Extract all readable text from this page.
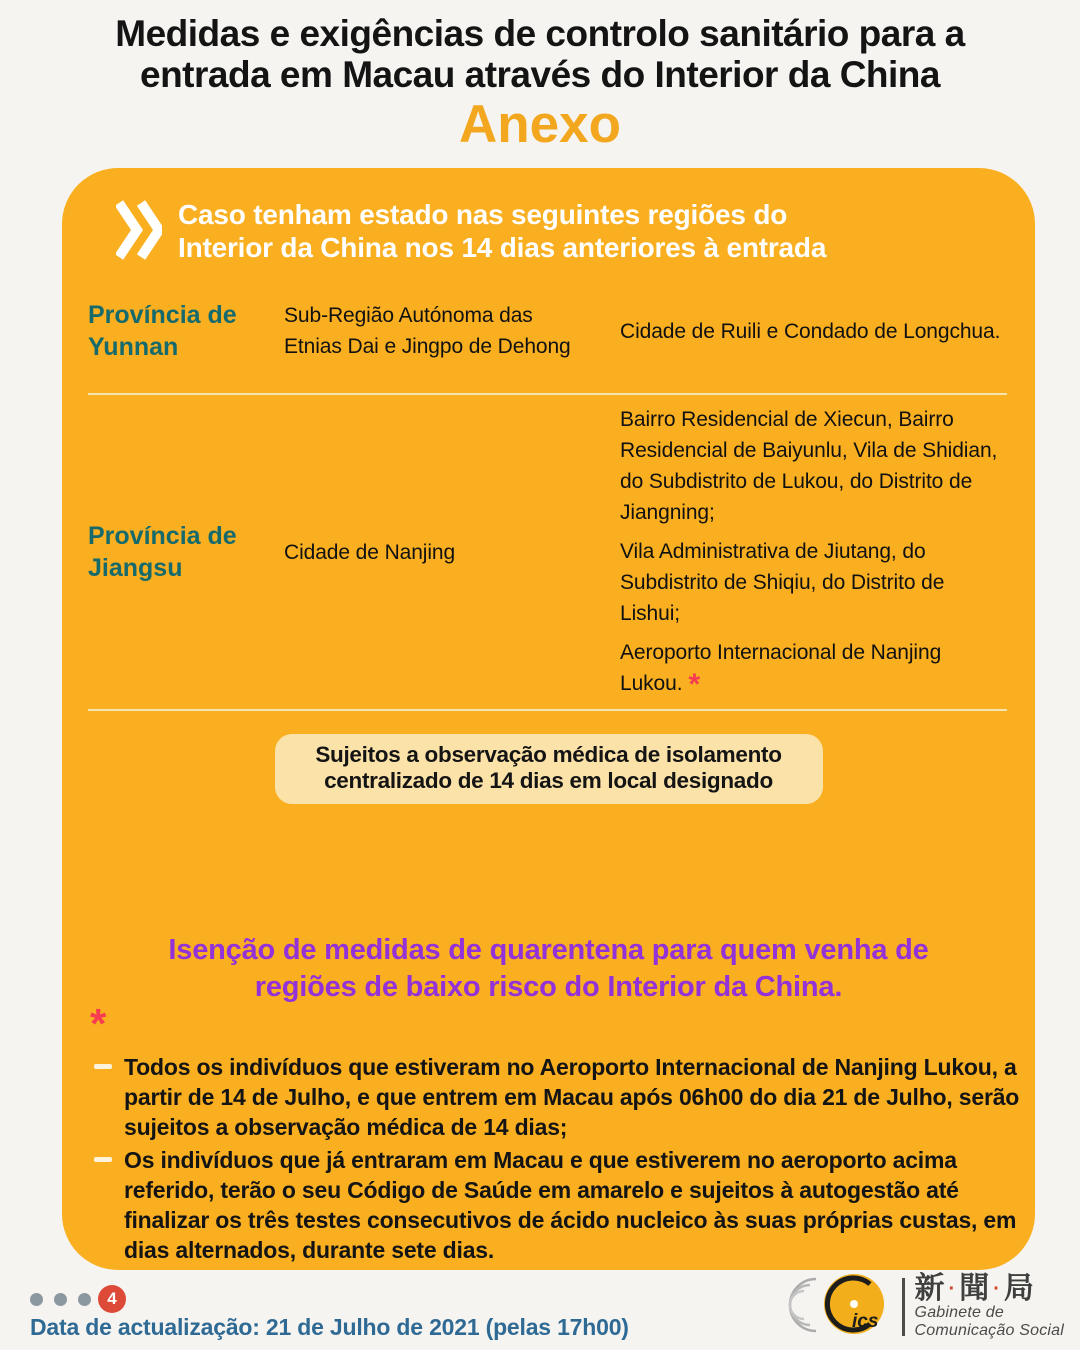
Medidas e exigências de controlo sanitário para a
entrada em Macau através do Interior da China
Anexo
Caso tenham estado nas seguintes regiões do
Interior da China nos 14 dias anteriores à entrada
Província de Yunnan
Sub-Região Autónoma das Etnias Dai e Jingpo de Dehong

Cidade de Ruili e Condado de Longchua.

Província de Jiangsu
Cidade de Nanjing

Bairro Residencial de Xiecun, Bairro Residencial de Baiyunlu, Vila de Shidian, do Subdistrito de Lukou, do Distrito de Jiangning;

Vila Administrativa de Jiutang, do Subdistrito de Shiqiu, do Distrito de Lishui;

Aeroporto Internacional de Nanjing Lukou. *

Sujeitos a observação médica de isolamento
centralizado de 14 dias em local designado
Isenção de medidas de quarentena para quem venha de
regiões de baixo risco do Interior da China.
*
Todos os indivíduos que estiveram no Aeroporto Internacional de Nanjing Lukou, a partir de 14 de Julho, e que entrem em Macau após 06h00 do dia 21 de Julho, serão sujeitos a observação médica de 14 dias;
Os indivíduos que já entraram em Macau e que estiverem no aeroporto acima referido, terão o seu Código de Saúde em amarelo e sujeitos à autogestão até finalizar os três testes consecutivos de ácido nucleico às suas próprias custas, em dias alternados, durante sete dias.
4
Data de actualização: 21 de Julho de 2021 (pelas 17h00)	ics
新 · 聞 · 局
Gabinete de
Comunicação Social
